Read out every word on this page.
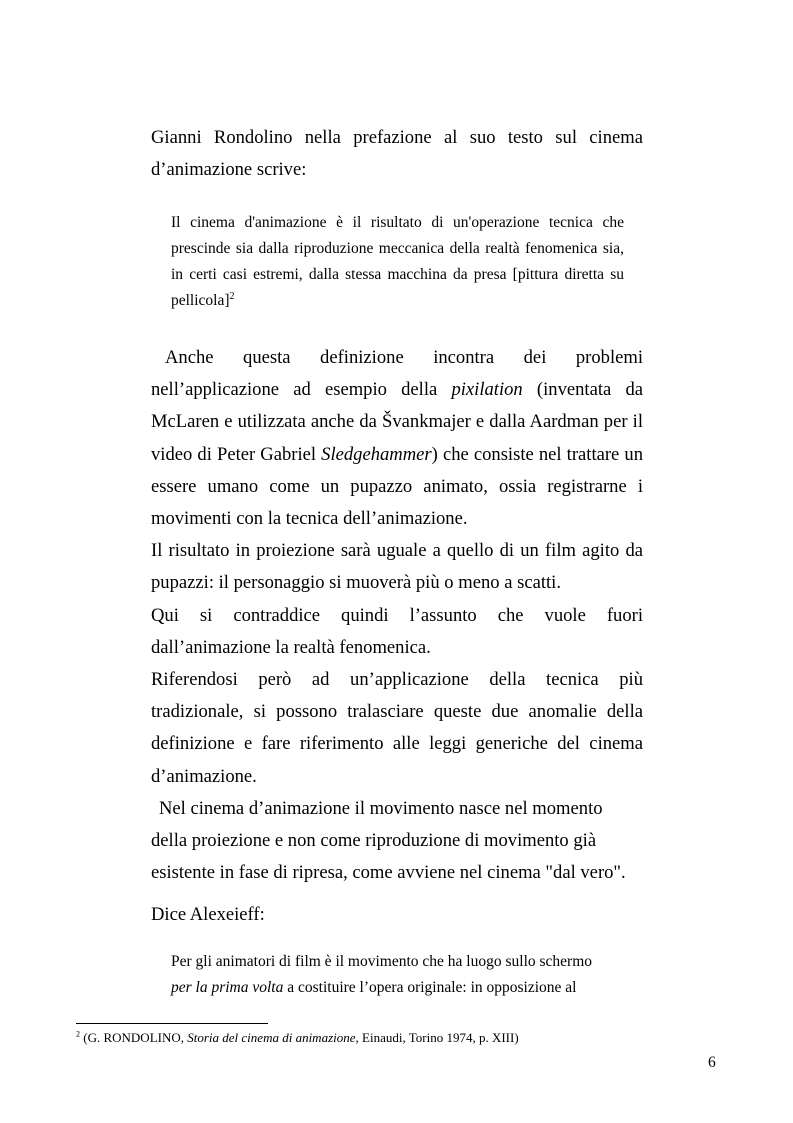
Gianni Rondolino nella prefazione al suo testo sul cinema d’animazione scrive:

Il cinema d'animazione è il risultato di un'operazione tecnica che prescinde sia dalla riproduzione meccanica della realtà fenomenica sia, in certi casi estremi, dalla stessa macchina da presa [pittura diretta su pellicola]$^2$

Anche questa definizione incontra dei problemi nell’applicazione ad esempio della pixilation (inventata da McLaren e utilizzata anche da Švankmajer e dalla Aardman per il video di Peter Gabriel Sledgehammer) che consiste nel trattare un essere umano come un pupazzo animato, ossia registrarne i movimenti con la tecnica dell’animazione.

Il risultato in proiezione sarà uguale a quello di un film agito da pupazzi: il personaggio si muoverà più o meno a scatti.

Qui si contraddice quindi l’assunto che vuole fuori dall’animazione la realtà fenomenica.

Riferendosi però ad un’applicazione della tecnica più tradizionale, si possono tralasciare queste due anomalie della definizione e fare riferimento alle leggi generiche del cinema d’animazione.

Nel cinema d’animazione il movimento nasce nel momento
della proiezione e non come riproduzione di movimento già
esistente in fase di ripresa, come avviene nel cinema "dal vero".

Dice Alexeieff:

Per gli animatori di film è il movimento che ha luogo sullo schermo

per la prima volta a costituire l’opera originale: in opposizione al

$^2$ (G. RONDOLINO, Storia del cinema di animazione, Einaudi, Torino 1974, p. XIII)
6
